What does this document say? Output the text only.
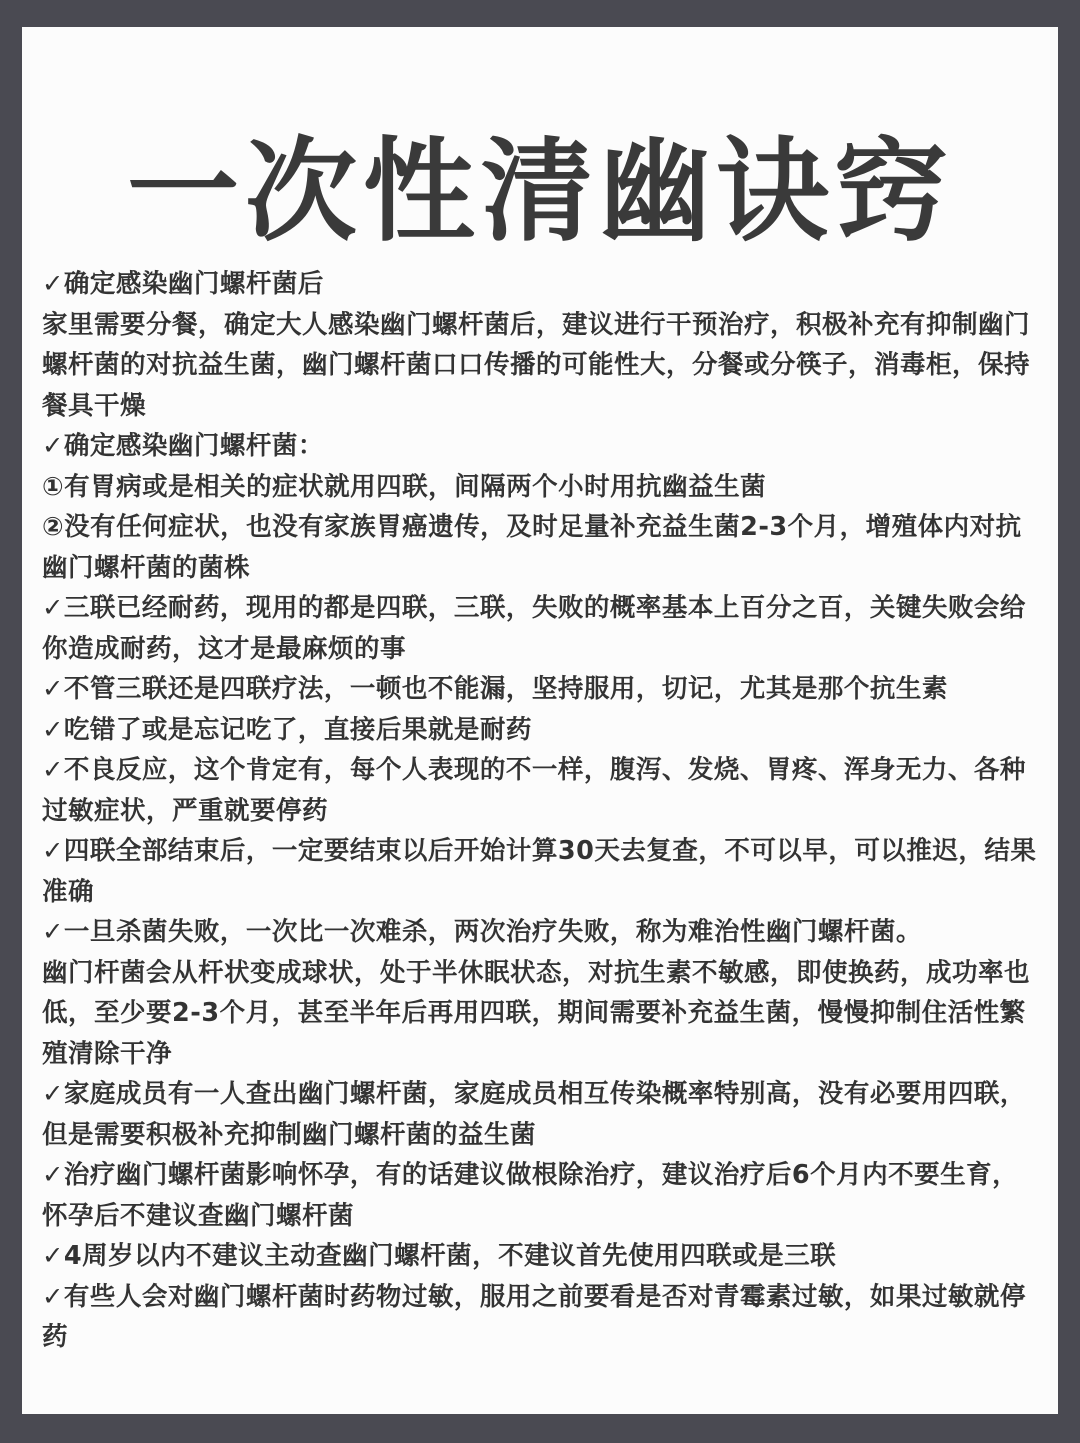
一次性清幽诀窍

✓确定感染幽门螺杆菌后

家里需要分餐，确定大人感染幽门螺杆菌后，建议进行干预治疗，积极补充有抑制幽门螺杆菌的对抗益生菌，幽门螺杆菌口口传播的可能性大，分餐或分筷子，消毒柜，保持餐具干燥

✓确定感染幽门螺杆菌：

①有胃病或是相关的症状就用四联，间隔两个小时用抗幽益生菌

②没有任何症状，也没有家族胃癌遗传，及时足量补充益生菌2-3个月，增殖体内对抗幽门螺杆菌的菌株

✓三联已经耐药，现用的都是四联，三联，失败的概率基本上百分之百，关键失败会给你造成耐药，这才是最麻烦的事

✓不管三联还是四联疗法，一顿也不能漏，坚持服用，切记，尤其是那个抗生素

✓吃错了或是忘记吃了，直接后果就是耐药

✓不良反应，这个肯定有，每个人表现的不一样，腹泻、发烧、胃疼、浑身无力、各种过敏症状，严重就要停药

✓四联全部结束后，一定要结束以后开始计算30天去复查，不可以早，可以推迟，结果准确

✓一旦杀菌失败，一次比一次难杀，两次治疗失败，称为难治性幽门螺杆菌。

幽门杆菌会从杆状变成球状，处于半休眠状态，对抗生素不敏感，即使换药，成功率也低，至少要2-3个月，甚至半年后再用四联，期间需要补充益生菌，慢慢抑制住活性繁殖清除干净

✓家庭成员有一人查出幽门螺杆菌，家庭成员相互传染概率特别高，没有必要用四联，但是需要积极补充抑制幽门螺杆菌的益生菌

✓治疗幽门螺杆菌影响怀孕，有的话建议做根除治疗，建议治疗后6个月内不要生育，怀孕后不建议查幽门螺杆菌

✓4周岁以内不建议主动查幽门螺杆菌，不建议首先使用四联或是三联

✓有些人会对幽门螺杆菌时药物过敏，服用之前要看是否对青霉素过敏，如果过敏就停药
